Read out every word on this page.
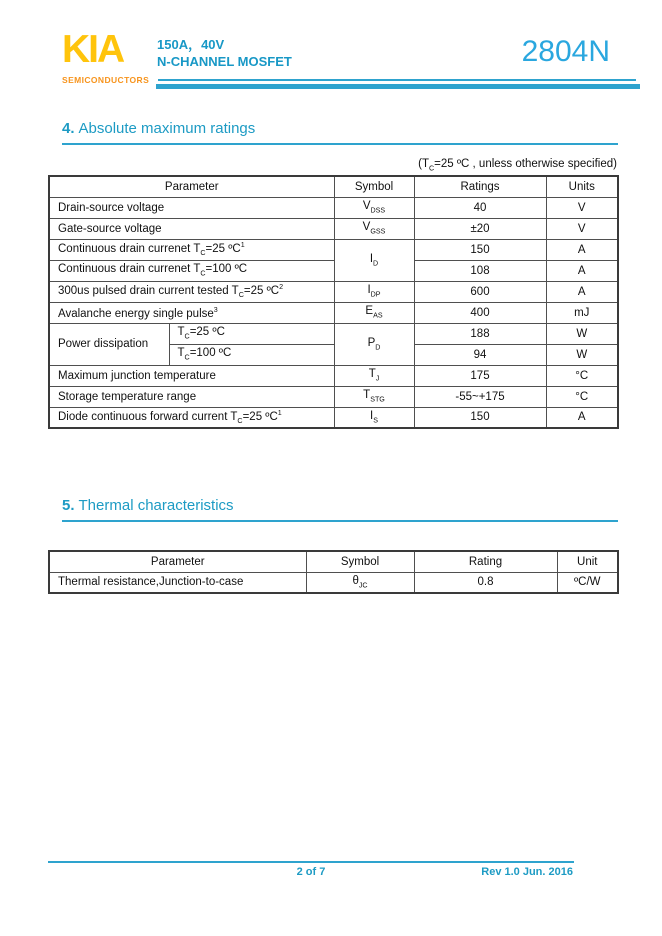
KIA
SEMICONDUCTORS
150A，40V
N-CHANNEL MOSFET	2804N
4. Absolute maximum ratings
($T_C=25$ ºC , unless otherwise specified)
Parameter		Symbol	Ratings	Units
Drain-source voltage		$V_{DSS}$	40	V
Gate-source voltage		$V_{GSS}$	±20	V
Continuous drain currenet $T_C=25$ ºC$^1$		$I_D$	150	A
Continuous drain currenet $T_C=100$ ºC			108	A
300us pulsed drain current tested $T_C=25$ ºC$^2$		$I_{DP}$	600	A
Avalanche energy single pulse$^3$		$E_{AS}$	400	mJ
Power dissipation	$T_C=25$ ºC	$P_D$	188	W
	$T_C=100$ ºC		94	W
Maximum junction temperature		$T_J$	175	°C
Storage temperature range		$T_{STG}$	-55~+175	°C
Diode continuous forward current $T_C=25$ ºC$^1$		$I_S$	150	A
5. Thermal characteristics
Parameter	Symbol	Rating	Unit
Thermal resistance,Junction-to-case	$\theta_{JC}$	0.8	ºC/W
2 of 7	Rev 1.0 Jun. 2016
